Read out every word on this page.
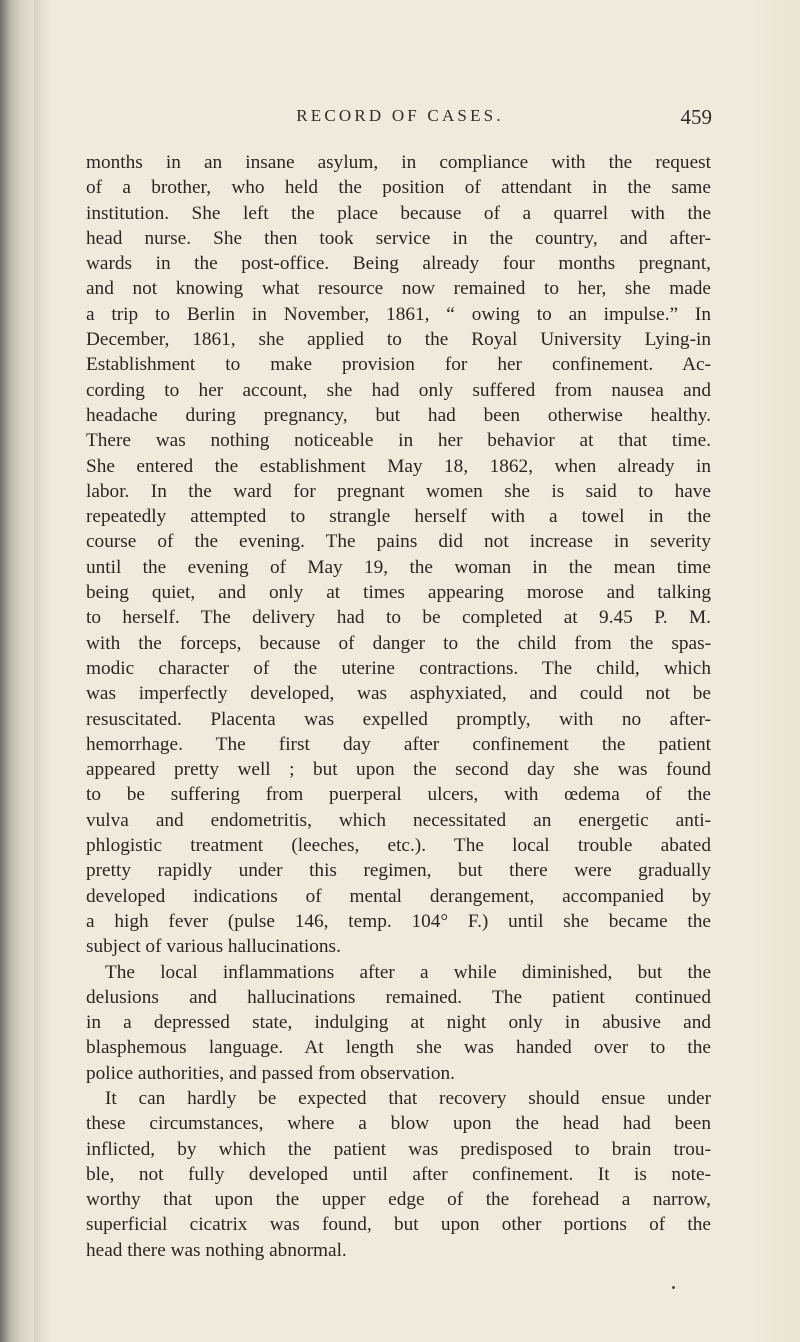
RECORD OF CASES.	459
months in an insane asylum, in compliance with the request
of a brother, who held the position of attendant in the same
institution. She left the place because of a quarrel with the
head nurse. She then took service in the country, and after-
wards in the post-office. Being already four months pregnant,
and not knowing what resource now remained to her, she made
a trip to Berlin in November, 1861, “ owing to an impulse.” In
December, 1861, she applied to the Royal University Lying-in
Establishment to make provision for her confinement. Ac-
cording to her account, she had only suffered from nausea and
headache during pregnancy, but had been otherwise healthy.
There was nothing noticeable in her behavior at that time.
She entered the establishment May 18, 1862, when already in
labor. In the ward for pregnant women she is said to have
repeatedly attempted to strangle herself with a towel in the
course of the evening. The pains did not increase in severity
until the evening of May 19, the woman in the mean time
being quiet, and only at times appearing morose and talking
to herself. The delivery had to be completed at 9.45 P. M.
with the forceps, because of danger to the child from the spas-
modic character of the uterine contractions. The child, which
was imperfectly developed, was asphyxiated, and could not be
resuscitated. Placenta was expelled promptly, with no after-
hemorrhage. The first day after confinement the patient
appeared pretty well ; but upon the second day she was found
to be suffering from puerperal ulcers, with œdema of the
vulva and endometritis, which necessitated an energetic anti-
phlogistic treatment (leeches, etc.). The local trouble abated
pretty rapidly under this regimen, but there were gradually
developed indications of mental derangement, accompanied by
a high fever (pulse 146, temp. 104° F.) until she became the
subject of various hallucinations.
The local inflammations after a while diminished, but the
delusions and hallucinations remained. The patient continued
in a depressed state, indulging at night only in abusive and
blasphemous language. At length she was handed over to the
police authorities, and passed from observation.
It can hardly be expected that recovery should ensue under
these circumstances, where a blow upon the head had been
inflicted, by which the patient was predisposed to brain trou-
ble, not fully developed until after confinement. It is note-
worthy that upon the upper edge of the forehead a narrow,
superficial cicatrix was found, but upon other portions of the
head there was nothing abnormal.
